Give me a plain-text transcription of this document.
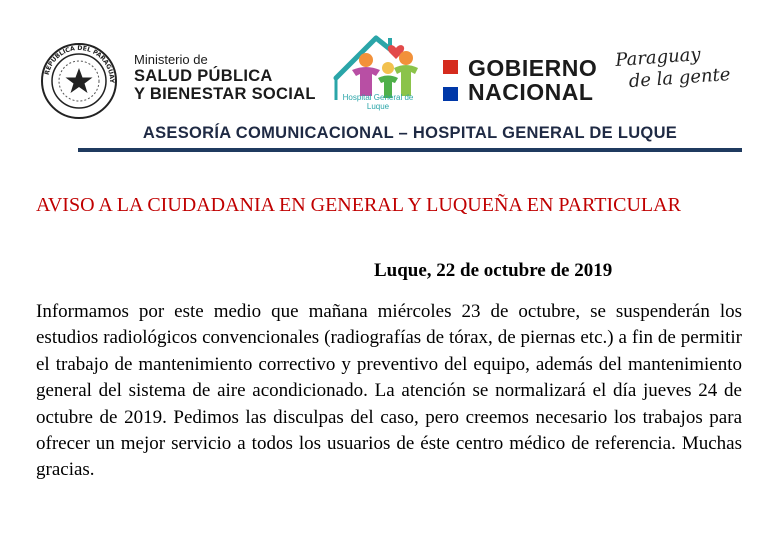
REPÚBLICA DEL PARAGUAY
Ministerio de
SALUD PÚBLICA
Y BIENESTAR SOCIAL	Hospital General de Luque
GOBIERNO
NACIONAL
Paraguay
de la gente
ASESORÍA COMUNICACIONAL – HOSPITAL GENERAL DE LUQUE
AVISO A LA CIUDADANIA EN GENERAL Y LUQUEÑA EN PARTICULAR
Luque, 22 de octubre de 2019
Informamos por este medio que mañana miércoles 23 de octubre, se suspenderán los estudios radiológicos convencionales (radiografías de tórax, de piernas etc.) a fin de permitir el trabajo de mantenimiento correctivo y preventivo del equipo, además del mantenimiento general del sistema de aire acondicionado. La atención se normalizará el día jueves 24 de octubre de 2019. Pedimos las disculpas del caso, pero creemos necesario los trabajos para ofrecer un mejor servicio a todos los usuarios de éste centro médico de referencia. Muchas gracias.
